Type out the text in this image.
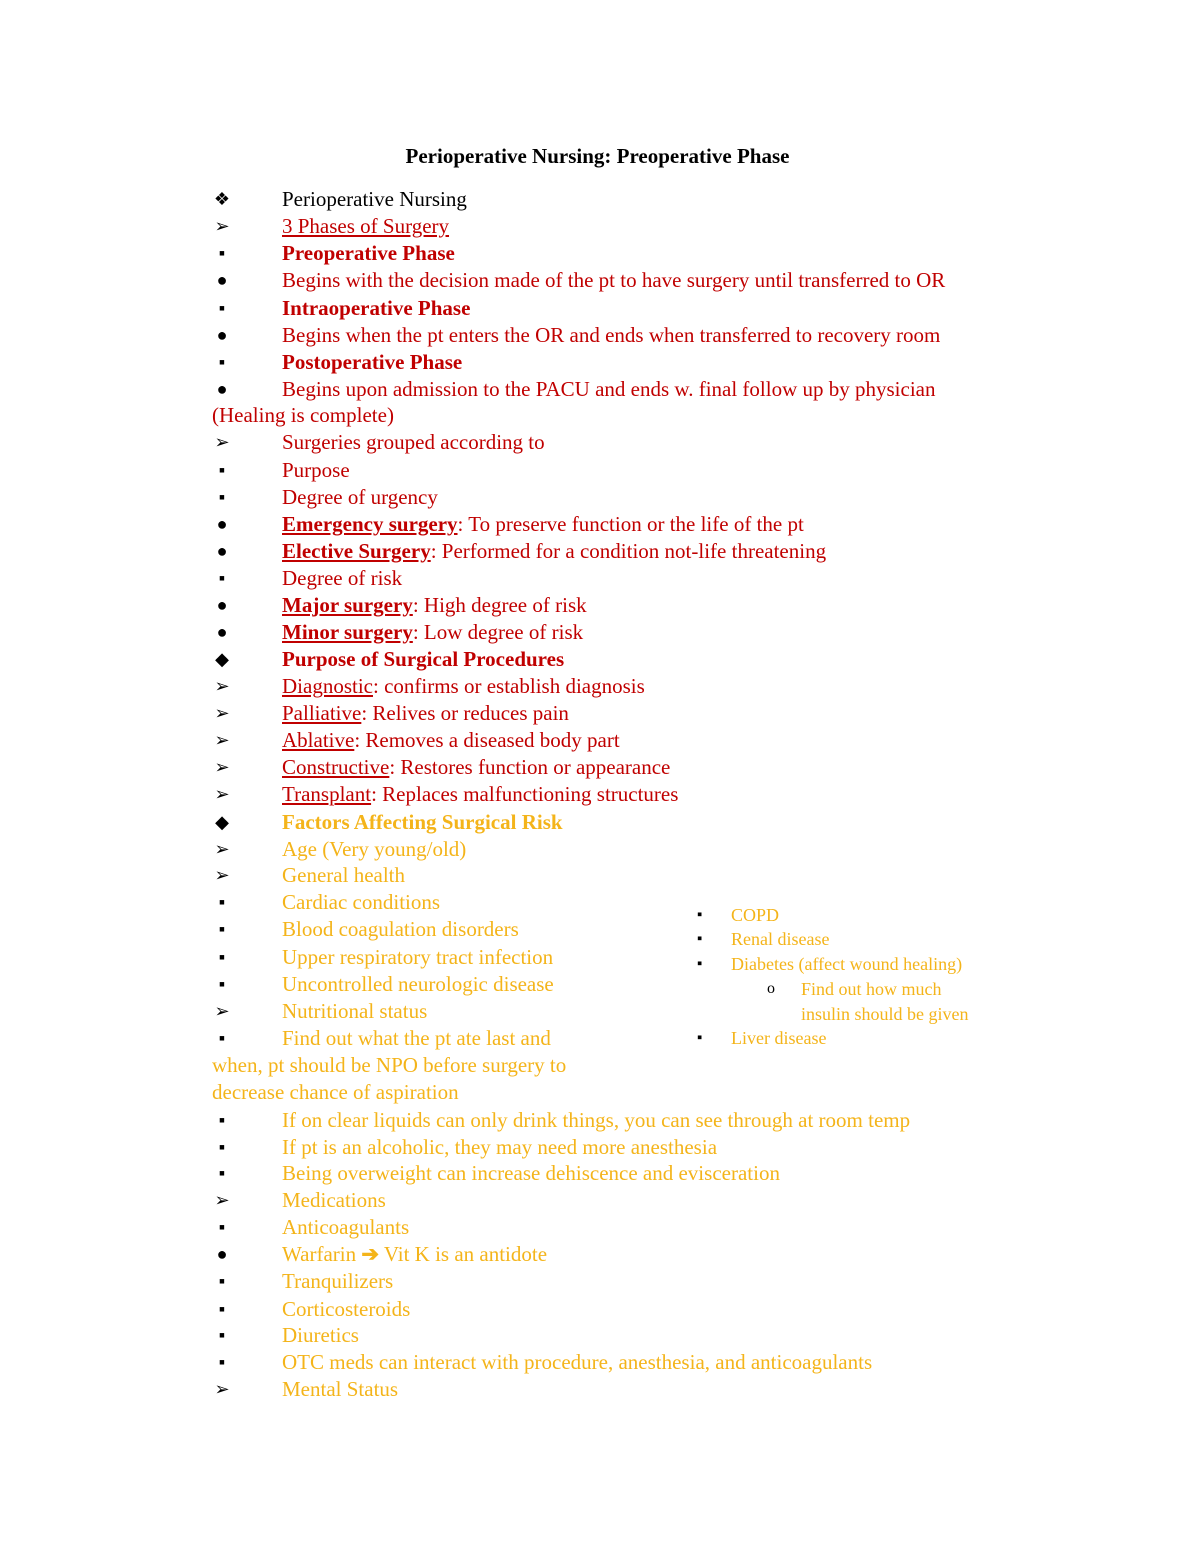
Perioperative Nursing: Preoperative Phase
❖ Perioperative Nursing
➢ 3 Phases of Surgery
▪	Preoperative Phase
●	Begins with the decision made of the pt to have surgery until transferred to OR
▪	Intraoperative Phase
●	Begins when the pt enters the OR and ends when transferred to recovery room
▪	Postoperative Phase
●	Begins upon admission to the PACU and ends w. final follow up by physician
(Healing is complete)
➢ Surgeries grouped according to
▪	Purpose
▪	Degree of urgency
●	Emergency surgery: To preserve function or the life of the pt
●	Elective Surgery: Performed for a condition not-life threatening
▪	Degree of risk
●	Major surgery: High degree of risk
●	Minor surgery: Low degree of risk
◆	Purpose of Surgical Procedures
➢ Diagnostic: confirms or establish diagnosis
➢ Palliative: Relives or reduces pain
➢ Ablative: Removes a diseased body part
➢ Constructive: Restores function or appearance
➢ Transplant: Replaces malfunctioning structures
◆	Factors Affecting Surgical Risk
➢ Age (Very young/old)
➢ General health
▪	Cardiac conditions
▪	Blood coagulation disorders
▪	Upper respiratory tract infection
▪	Uncontrolled neurologic disease
➢ Nutritional status
▪	Find out what the pt ate last and
when, pt should be NPO before surgery to
decrease chance of aspiration
▪	If on clear liquids can only drink things, you can see through at room temp
▪	If pt is an alcoholic, they may need more anesthesia
▪	Being overweight can increase dehiscence and evisceration
➢ Medications
▪	Anticoagulants
●	Warfarin ➔ Vit K is an antidote
▪	Tranquilizers
▪	Corticosteroids
▪	Diuretics
▪	OTC meds can interact with procedure, anesthesia, and anticoagulants
➢ Mental Status
▪ COPD
▪ Renal disease
▪ Diabetes (affect wound healing)
o Find out how much
insulin should be given
▪ Liver disease
